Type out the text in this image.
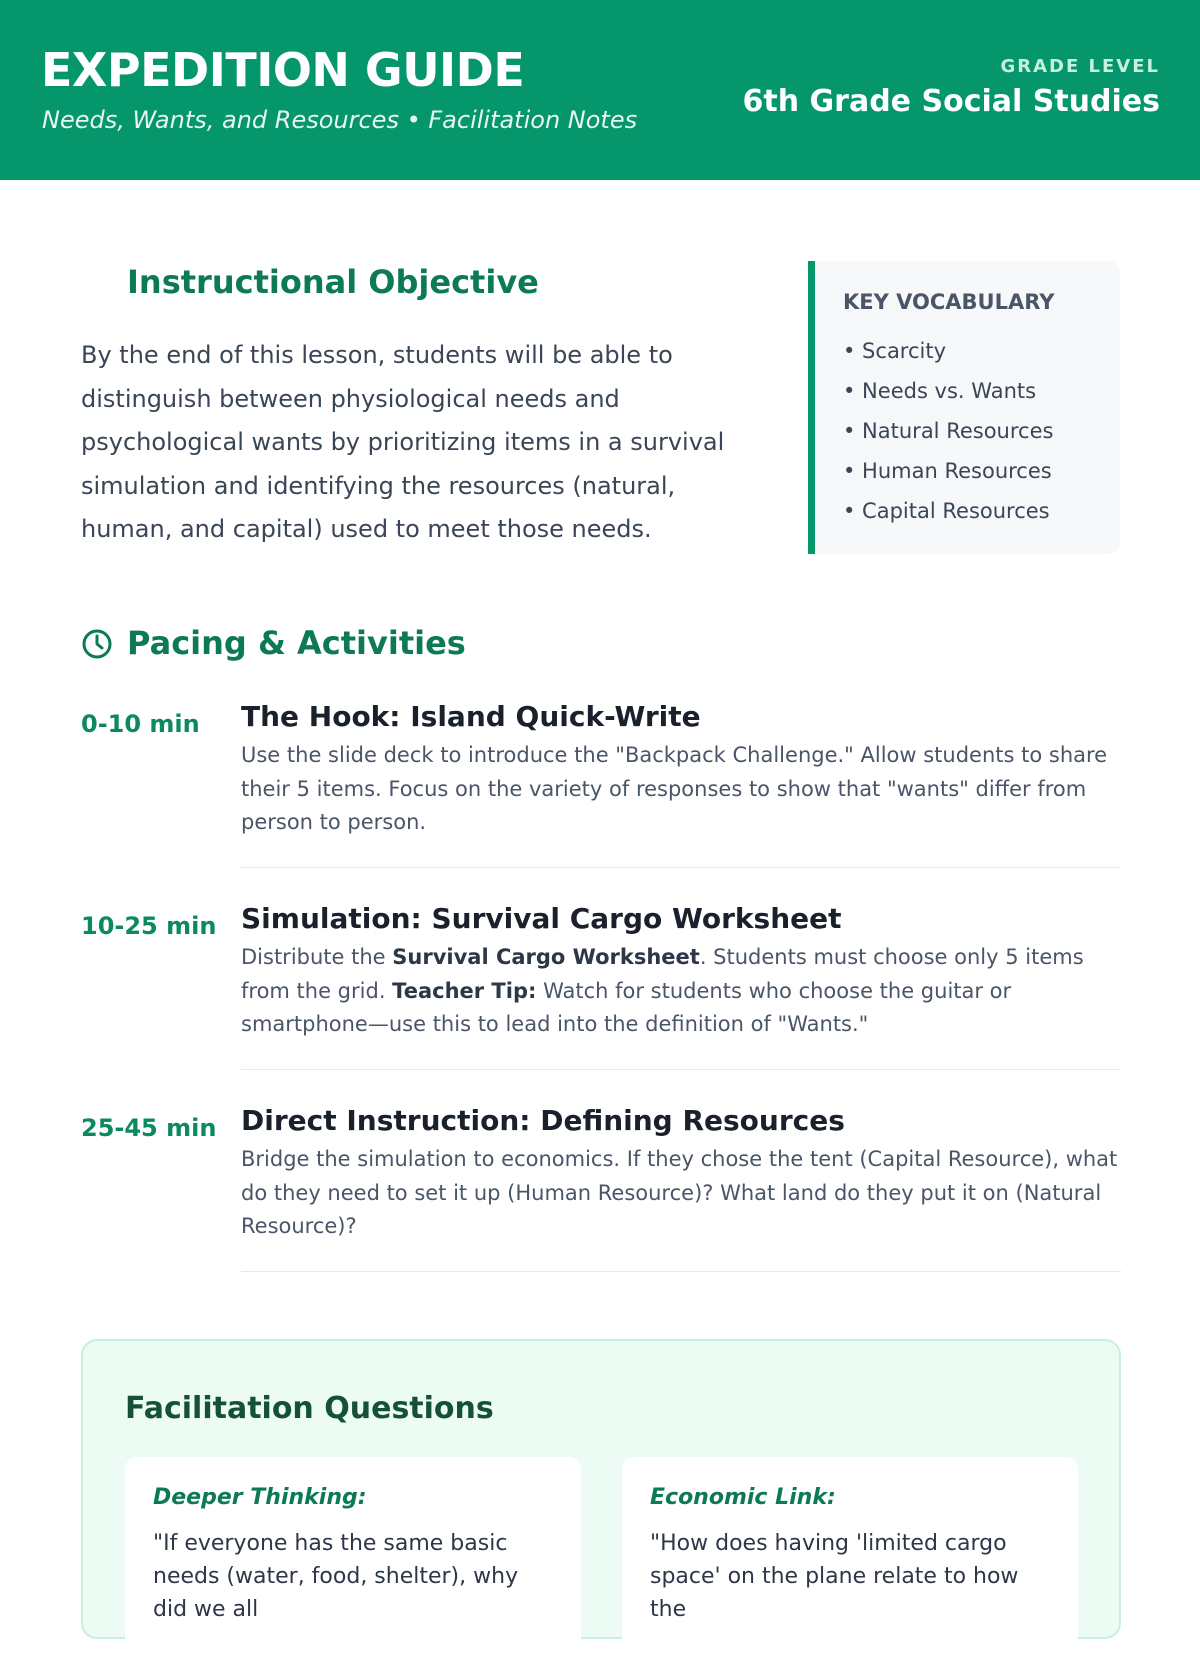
EXPEDITION GUIDE
Needs, Wants, and Resources • Facilitation Notes
GRADE LEVEL
6th Grade Social Studies
Instructional Objective
By the end of this lesson, students will be able to distinguish between physiological needs and psychological wants by prioritizing items in a survival simulation and identifying the resources (natural, human, and capital) used to meet those needs.
KEY VOCABULARY
• Scarcity
• Needs vs. Wants
• Natural Resources
• Human Resources
• Capital Resources
Pacing & Activities
0-10 min The Hook: Island Quick-Write
Use the slide deck to introduce the "Backpack Challenge." Allow students to share their 5 items. Focus on the variety of responses to show that "wants" differ from person to person.
10-25 min Simulation: Survival Cargo Worksheet
Distribute the Survival Cargo Worksheet. Students must choose only 5 items from the grid. Teacher Tip: Watch for students who choose the guitar or smartphone—use this to lead into the definition of "Wants."
25-45 min Direct Instruction: Defining Resources
Bridge the simulation to economics. If they chose the tent (Capital Resource), what do they need to set it up (Human Resource)? What land do they put it on (Natural Resource)?
Facilitation Questions
Deeper Thinking:
"If everyone has the same basic needs (water, food, shelter), why did we all
Economic Link:
"How does having 'limited cargo space' on the plane relate to how the
